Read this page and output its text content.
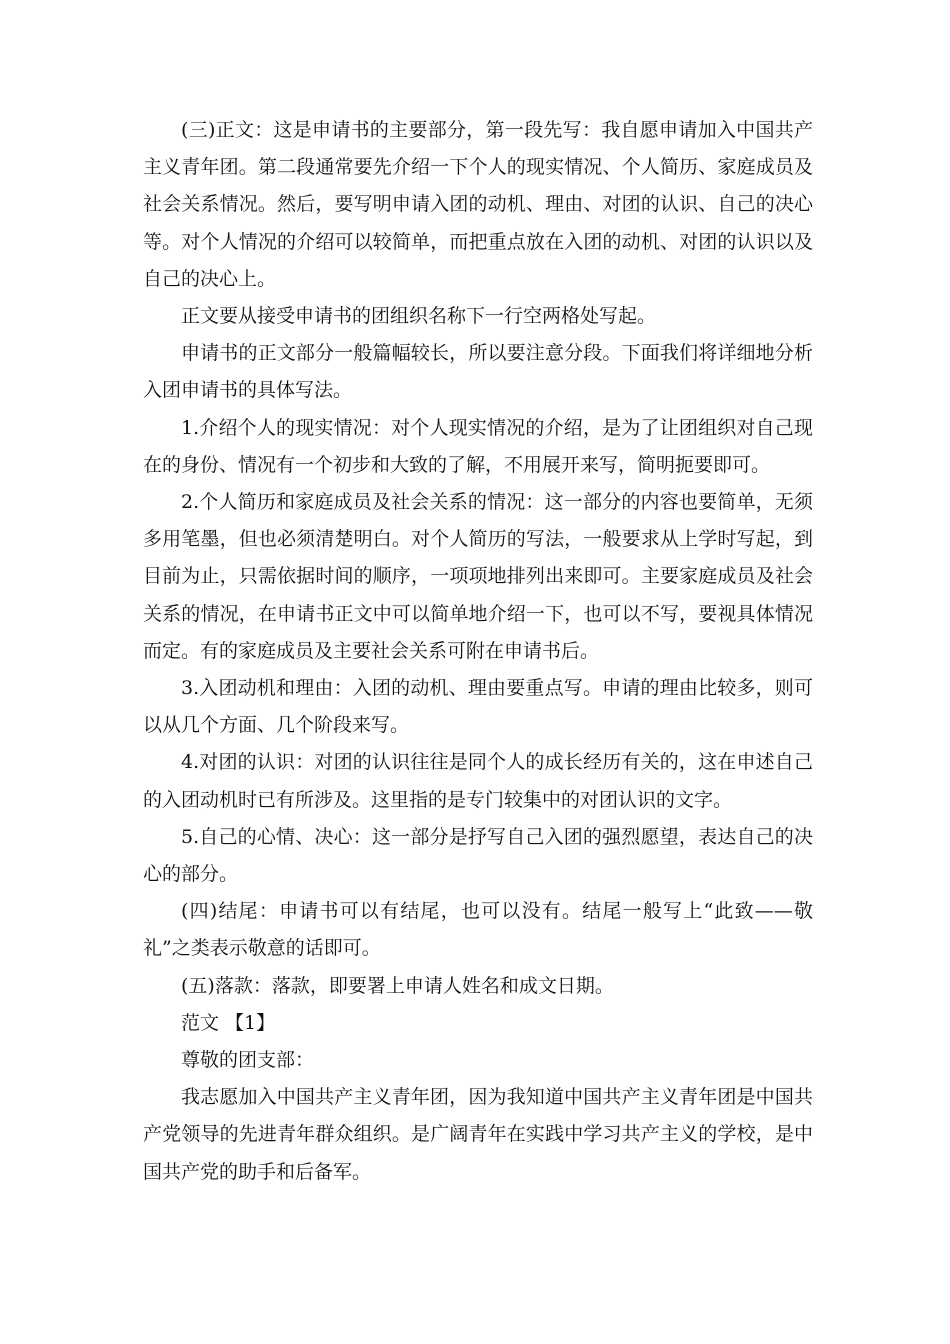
(三)正文：这是申请书的主要部分，第一段先写：我自愿申请加入中国共产主义青年团。第二段通常要先介绍一下个人的现实情况、个人简历、家庭成员及社会关系情况。然后，要写明申请入团的动机、理由、对团的认识、自己的决心等。对个人情况的介绍可以较简单，而把重点放在入团的动机、对团的认识以及自己的决心上。

正文要从接受申请书的团组织名称下一行空两格处写起。

申请书的正文部分一般篇幅较长，所以要注意分段。下面我们将详细地分析入团申请书的具体写法。

1.介绍个人的现实情况：对个人现实情况的介绍，是为了让团组织对自己现在的身份、情况有一个初步和大致的了解，不用展开来写，简明扼要即可。

2.个人简历和家庭成员及社会关系的情况：这一部分的内容也要简单，无须多用笔墨，但也必须清楚明白。对个人简历的写法，一般要求从上学时写起，到目前为止，只需依据时间的顺序，一项项地排列出来即可。主要家庭成员及社会关系的情况，在申请书正文中可以简单地介绍一下，也可以不写，要视具体情况而定。有的家庭成员及主要社会关系可附在申请书后。

3.入团动机和理由：入团的动机、理由要重点写。申请的理由比较多，则可以从几个方面、几个阶段来写。

4.对团的认识：对团的认识往往是同个人的成长经历有关的，这在申述自己的入团动机时已有所涉及。这里指的是专门较集中的对团认识的文字。

5.自己的心情、决心：这一部分是抒写自己入团的强烈愿望，表达自己的决心的部分。

(四)结尾：申请书可以有结尾，也可以没有。结尾一般写上“此致——敬礼”之类表示敬意的话即可。

(五)落款：落款，即要署上申请人姓名和成文日期。

范文 【1】

尊敬的团支部：

我志愿加入中国共产主义青年团，因为我知道中国共产主义青年团是中国共产党领导的先进青年群众组织。是广阔青年在实践中学习共产主义的学校，是中国共产党的助手和后备军。
